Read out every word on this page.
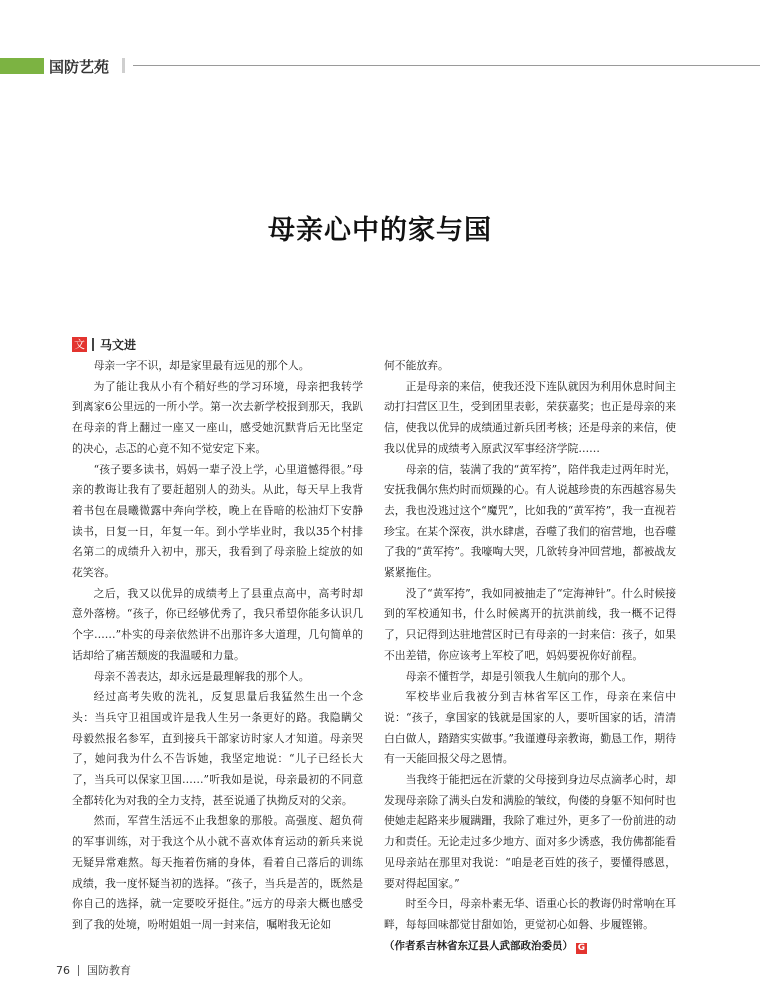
国防艺苑
母亲心中的家与国
文 马文进

母亲一字不识，却是家里最有远见的那个人。

为了能让我从小有个稍好些的学习环境，母亲把我转学到离家6公里远的一所小学。第一次去新学校报到那天，我趴在母亲的背上翻过一座又一座山，感受她沉默背后无比坚定的决心，忐忑的心竟不知不觉安定下来。

“孩子要多读书，妈妈一辈子没上学，心里道憾得很。”母亲的教诲让我有了要赶超别人的劲头。从此，每天早上我背着书包在晨曦微露中奔向学校，晚上在昏暗的松油灯下安静读书，日复一日，年复一年。到小学毕业时，我以35个村排名第二的成绩升入初中，那天，我看到了母亲脸上绽放的如花笑容。

之后，我又以优异的成绩考上了县重点高中，高考时却意外落榜。“孩子，你已经够优秀了，我只希望你能多认识几个字……”朴实的母亲依然讲不出那许多大道理，几句简单的话却给了痛苦颓废的我温暖和力量。

母亲不善表达，却永远是最理解我的那个人。

经过高考失败的洗礼，反复思量后我猛然生出一个念头：当兵守卫祖国或许是我人生另一条更好的路。我隐瞒父母毅然报名参军，直到接兵干部家访时家人才知道。母亲哭了，她问我为什么不告诉她，我坚定地说：“儿子已经长大了，当兵可以保家卫国……”听我如是说，母亲最初的不同意全都转化为对我的全力支持，甚至说通了执拗反对的父亲。

然而，军营生活远不止我想象的那般。高强度、超负荷的军事训练，对于我这个从小就不喜欢体育运动的新兵来说无疑异常难熬。每天拖着伤痛的身体，看着自己落后的训练成绩，我一度怀疑当初的选择。“孩子，当兵是苦的，既然是你自己的选择，就一定要咬牙挺住。”远方的母亲大概也感受到了我的处境，吩咐姐姐一周一封来信，嘱咐我无论如

何不能放弃。

正是母亲的来信，使我还没下连队就因为利用休息时间主动打扫营区卫生，受到团里表彰，荣获嘉奖；也正是母亲的来信，使我以优异的成绩通过新兵团考核；还是母亲的来信，使我以优异的成绩考入原武汉军事经济学院……

母亲的信，装满了我的“黄军挎”，陪伴我走过两年时光，安抚我偶尔焦灼时而烦躁的心。有人说越珍贵的东西越容易失去，我也没逃过这个“魔咒”，比如我的“黄军挎”，我一直视若珍宝。在某个深夜，洪水肆虐，吞噬了我们的宿营地，也吞噬了我的“黄军挎”。我嚎啕大哭，几欲转身冲回营地，都被战友紧紧拖住。

没了“黄军挎”，我如同被抽走了“定海神针”。什么时候接到的军校通知书，什么时候离开的抗洪前线，我一概不记得了，只记得到达驻地营区时已有母亲的一封来信：孩子，如果不出差错，你应该考上军校了吧，妈妈要祝你好前程。

母亲不懂哲学，却是引领我人生航向的那个人。

军校毕业后我被分到吉林省军区工作，母亲在来信中说：“孩子，拿国家的钱就是国家的人，要听国家的话，清清白白做人，踏踏实实做事。”我谨遵母亲教诲，勤恳工作，期待有一天能回报父母之恩情。

当我终于能把远在沂蒙的父母接到身边尽点滴孝心时，却发现母亲除了满头白发和满脸的皱纹，佝偻的身躯不知何时也使她走起路来步履蹒跚，我除了难过外，更多了一份前进的动力和责任。无论走过多少地方、面对多少诱惑，我仿佛都能看见母亲站在那里对我说：“咱是老百姓的孩子，要懂得感恩，要对得起国家。”

时至今日，母亲朴素无华、语重心长的教诲仍时常响在耳畔，每每回味都觉甘甜如饴，更觉初心如磐、步履铿锵。

（作者系吉林省东辽县人武部政治委员） G

76 国防教育
